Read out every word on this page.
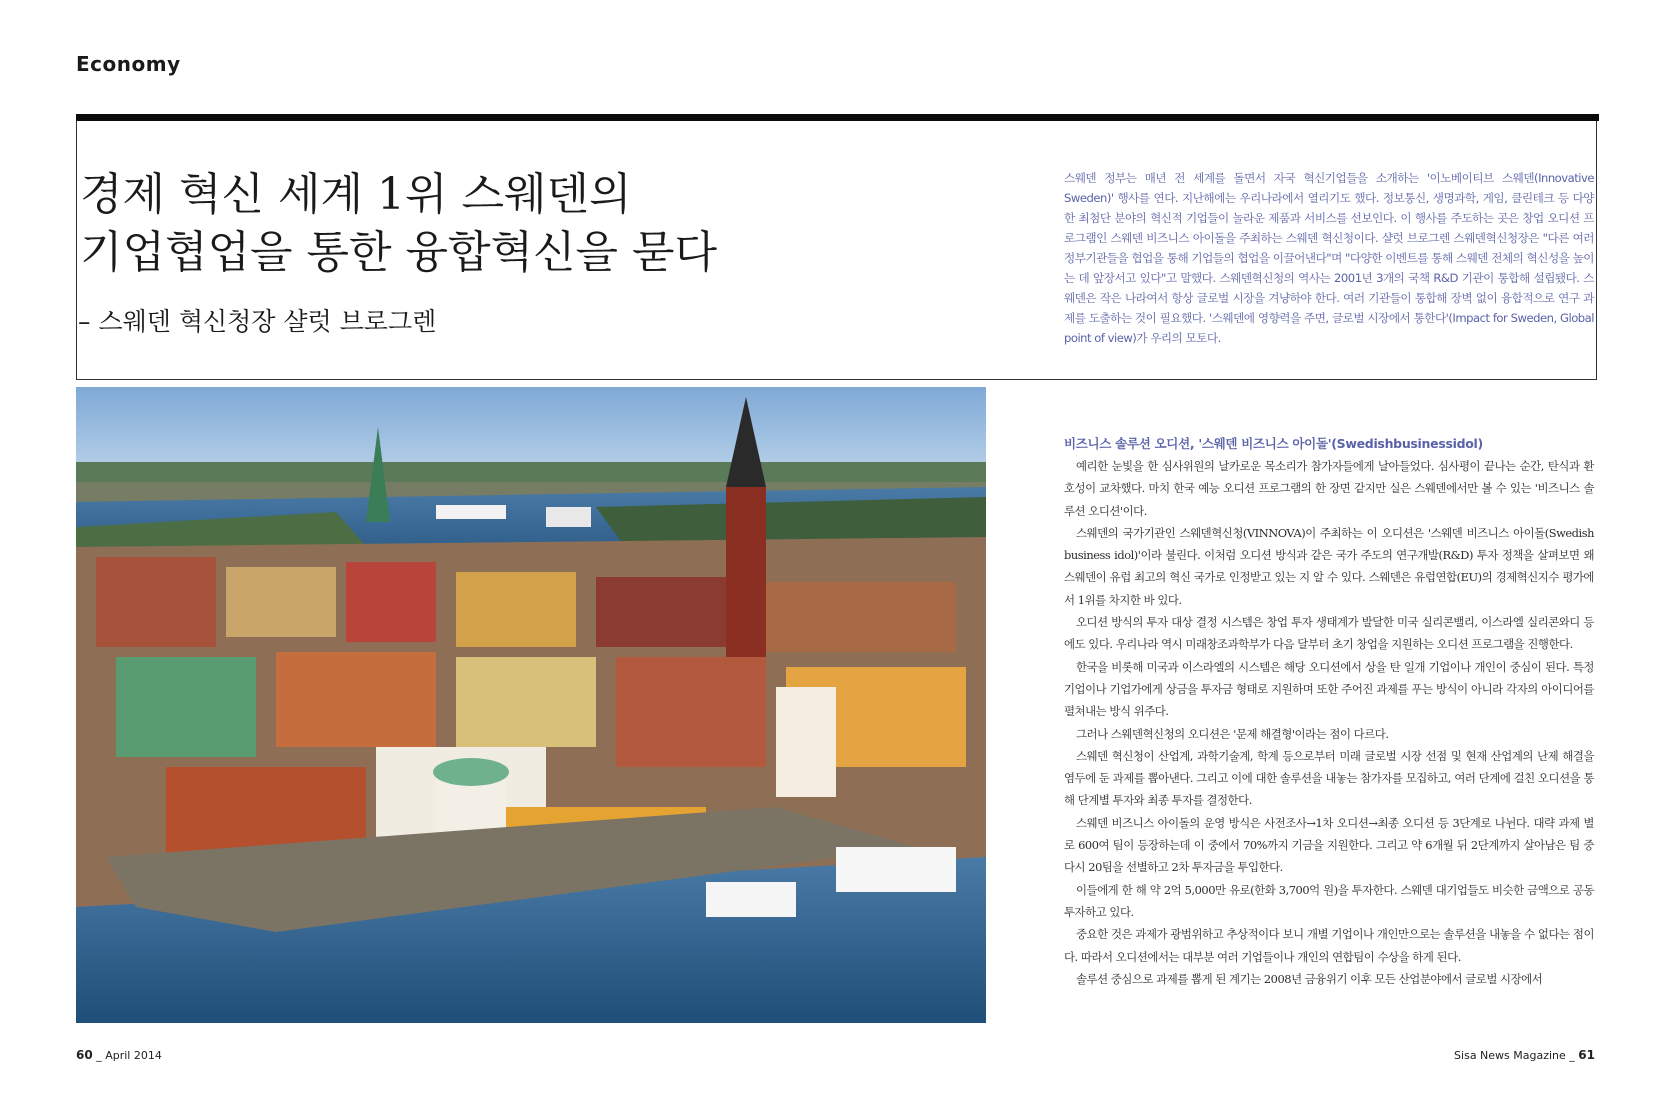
Economy
경제 혁신 세계 1위 스웨덴의
기업협업을 통한 융합혁신을 묻다
– 스웨덴 혁신청장 샬럿 브로그렌
스웨덴 정부는 매년 전 세계를 돌면서 자국 혁신기업들을 소개하는 '이노베이티브 스웨덴(Innovative Sweden)' 행사를 연다. 지난해에는 우리나라에서 열리기도 했다. 정보통신, 생명과학, 게임, 클린테크 등 다양한 최첨단 분야의 혁신적 기업들이 놀라운 제품과 서비스를 선보인다. 이 행사를 주도하는 곳은 창업 오디션 프로그램인 스웨덴 비즈니스 아이돌을 주최하는 스웨덴 혁신청이다. 샬럿 브로그렌 스웨덴혁신청장은 "다른 여러 정부기관들을 협업을 통해 기업들의 협업을 이끌어낸다"며 "다양한 이벤트를 통해 스웨덴 전체의 혁신성을 높이는 데 앞장서고 있다"고 말했다. 스웨덴혁신청의 역사는 2001년 3개의 국책 R&D 기관이 통합해 설립됐다. 스웨덴은 작은 나라여서 항상 글로벌 시장을 겨냥하야 한다. 여러 기관들이 통합해 장벽 없이 융합적으로 연구 과제를 도출하는 것이 필요했다. '스웨덴에 영향력을 주면, 글로벌 시장에서 통한다'(Impact for Sweden, Global point of view)가 우리의 모토다.
비즈니스 솔루션 오디션, '스웨덴 비즈니스 아이돌'(Swedishbusinessidol)

예리한 눈빛을 한 심사위원의 날카로운 목소리가 참가자들에게 날아들었다. 심사평이 끝나는 순간, 탄식과 환호성이 교차했다. 마치 한국 예능 오디션 프로그램의 한 장면 같지만 실은 스웨덴에서만 볼 수 있는 '비즈니스 솔루션 오디션'이다.

스웨덴의 국가기관인 스웨덴혁신청(VINNOVA)이 주최하는 이 오디션은 '스웨덴 비즈니스 아이돌(Swedish business idol)'이라 불린다. 이처럼 오디션 방식과 같은 국가 주도의 연구개발(R&D) 투자 정책을 살펴보면 왜 스웨덴이 유럽 최고의 혁신 국가로 인정받고 있는 지 알 수 있다. 스웨덴은 유럽연합(EU)의 경제혁신지수 평가에서 1위를 차지한 바 있다.

오디션 방식의 투자 대상 결정 시스템은 창업 투자 생태계가 발달한 미국 실리콘밸리, 이스라엘 실리콘와디 등에도 있다. 우리나라 역시 미래창조과학부가 다음 달부터 초기 창업을 지원하는 오디션 프로그램을 진행한다.

한국을 비롯해 미국과 이스라엘의 시스템은 해당 오디션에서 상을 탄 일개 기업이나 개인이 중심이 된다. 특정 기업이나 기업가에게 상금을 투자금 형태로 지원하며 또한 주어진 과제를 푸는 방식이 아니라 각자의 아이디어를 펼쳐내는 방식 위주다.

그러나 스웨덴혁신청의 오디션은 '문제 해결형'이라는 점이 다르다.

스웨덴 혁신청이 산업계, 과학기술계, 학계 등으로부터 미래 글로벌 시장 선점 및 현재 산업계의 난제 해결을 염두에 둔 과제를 뽑아낸다. 그리고 이에 대한 솔루션을 내놓는 참가자를 모집하고, 여러 단계에 걸친 오디션을 통해 단계별 투자와 최종 투자를 결정한다.

스웨덴 비즈니스 아이돌의 운영 방식은 사전조사→1차 오디션→최종 오디션 등 3단계로 나뉜다. 대략 과제 별로 600여 팀이 등장하는데 이 중에서 70%까지 기금을 지원한다. 그리고 약 6개월 뒤 2단계까지 살아남은 팀 중 다시 20팀을 선별하고 2차 투자금을 투입한다.

이들에게 한 해 약 2억 5,000만 유로(한화 3,700억 원)을 투자한다. 스웨덴 대기업들도 비슷한 금액으로 공동 투자하고 있다.

중요한 것은 과제가 광범위하고 추상적이다 보니 개별 기업이나 개인만으로는 솔루션을 내놓을 수 없다는 점이다. 따라서 오디션에서는 대부분 여러 기업들이나 개인의 연합팀이 수상을 하게 된다.

솔루션 중심으로 과제를 뽑게 된 계기는 2008년 금융위기 이후 모든 산업분야에서 글로벌 시장에서

60 _ April 2014	Sisa News Magazine _ 61
